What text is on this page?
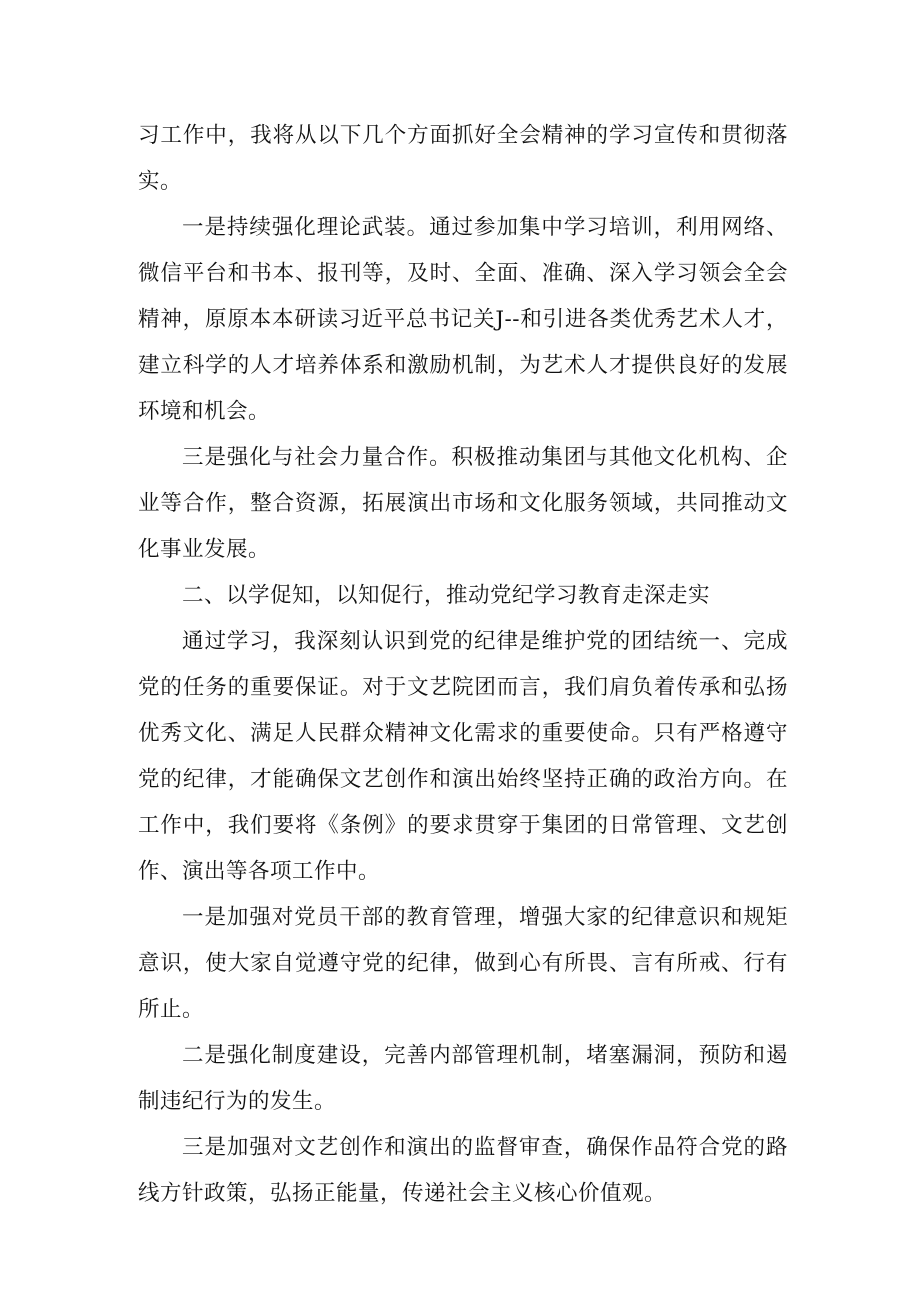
习工作中，我将从以下几个方面抓好全会精神的学习宣传和贯彻落实。

一是持续强化理论武装。通过参加集中学习培训，利用网络、微信平台和书本、报刊等，及时、全面、准确、深入学习领会全会精神，原原本本研读习近平总书记关J--和引进各类优秀艺术人才，建立科学的人才培养体系和激励机制，为艺术人才提供良好的发展环境和机会。

三是强化与社会力量合作。积极推动集团与其他文化机构、企业等合作，整合资源，拓展演出市场和文化服务领域，共同推动文化事业发展。

二、以学促知，以知促行，推动党纪学习教育走深走实

通过学习，我深刻认识到党的纪律是维护党的团结统一、完成党的任务的重要保证。对于文艺院团而言，我们肩负着传承和弘扬优秀文化、满足人民群众精神文化需求的重要使命。只有严格遵守党的纪律，才能确保文艺创作和演出始终坚持正确的政治方向。在工作中，我们要将《条例》的要求贯穿于集团的日常管理、文艺创作、演出等各项工作中。

一是加强对党员干部的教育管理，增强大家的纪律意识和规矩意识，使大家自觉遵守党的纪律，做到心有所畏、言有所戒、行有所止。

二是强化制度建设，完善内部管理机制，堵塞漏洞，预防和遏制违纪行为的发生。

三是加强对文艺创作和演出的监督审查，确保作品符合党的路线方针政策，弘扬正能量，传递社会主义核心价值观。
